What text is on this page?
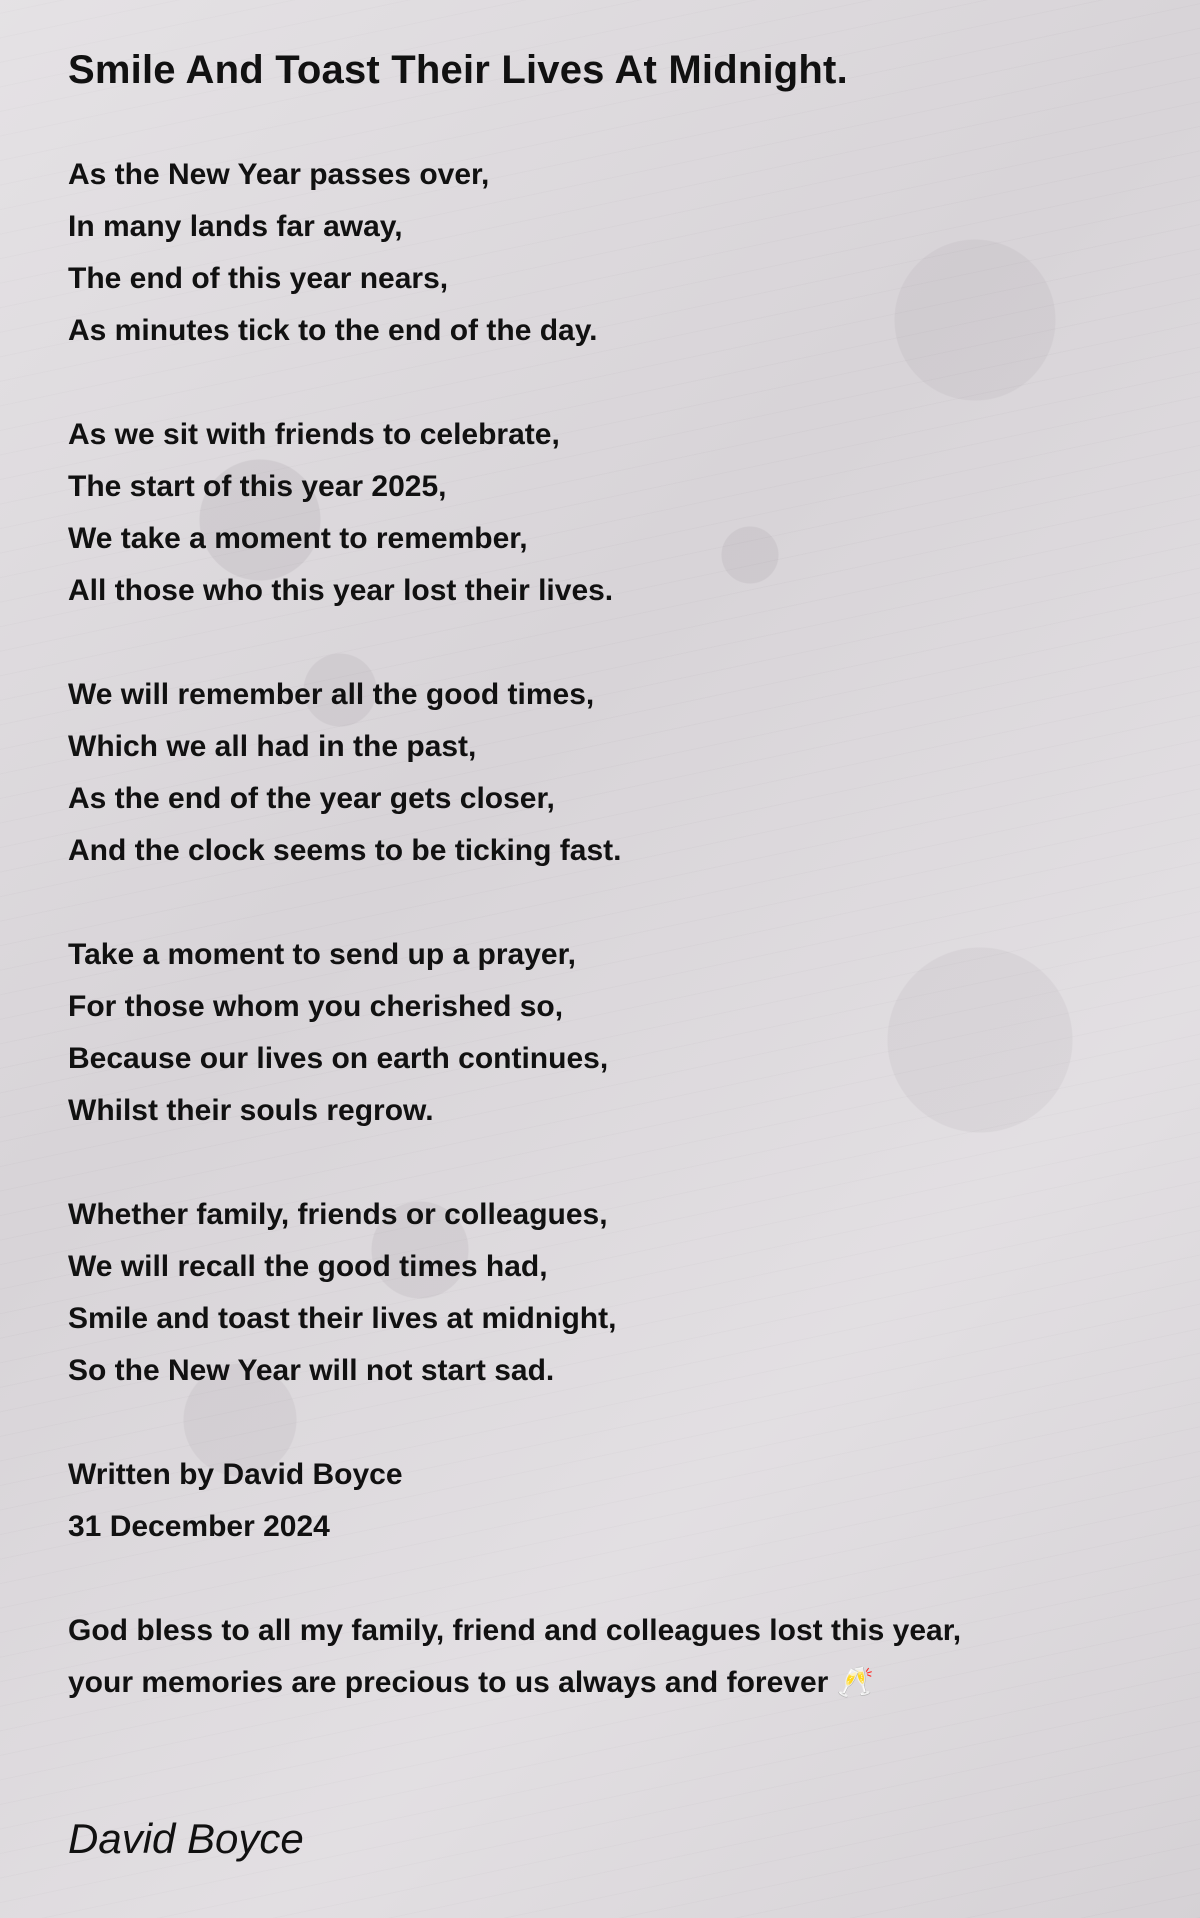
Smile And Toast Their Lives At Midnight.
As the New Year passes over,
In many lands far away,
The end of this year nears,
As minutes tick to the end of the day.
As we sit with friends to celebrate,
The start of this year 2025,
We take a moment to remember,
All those who this year lost their lives.
We will remember all the good times,
Which we all had in the past,
As the end of the year gets closer,
And the clock seems to be ticking fast.
Take a moment to send up a prayer,
For those whom you cherished so,
Because our lives on earth continues,
Whilst their souls regrow.
Whether family, friends or colleagues,
We will recall the good times had,
Smile and toast their lives at midnight,
So the New Year will not start sad.
Written by David Boyce
31 December 2024
God bless to all my family, friend and colleagues lost this year,
your memories are precious to us always and forever 🥂
David Boyce
